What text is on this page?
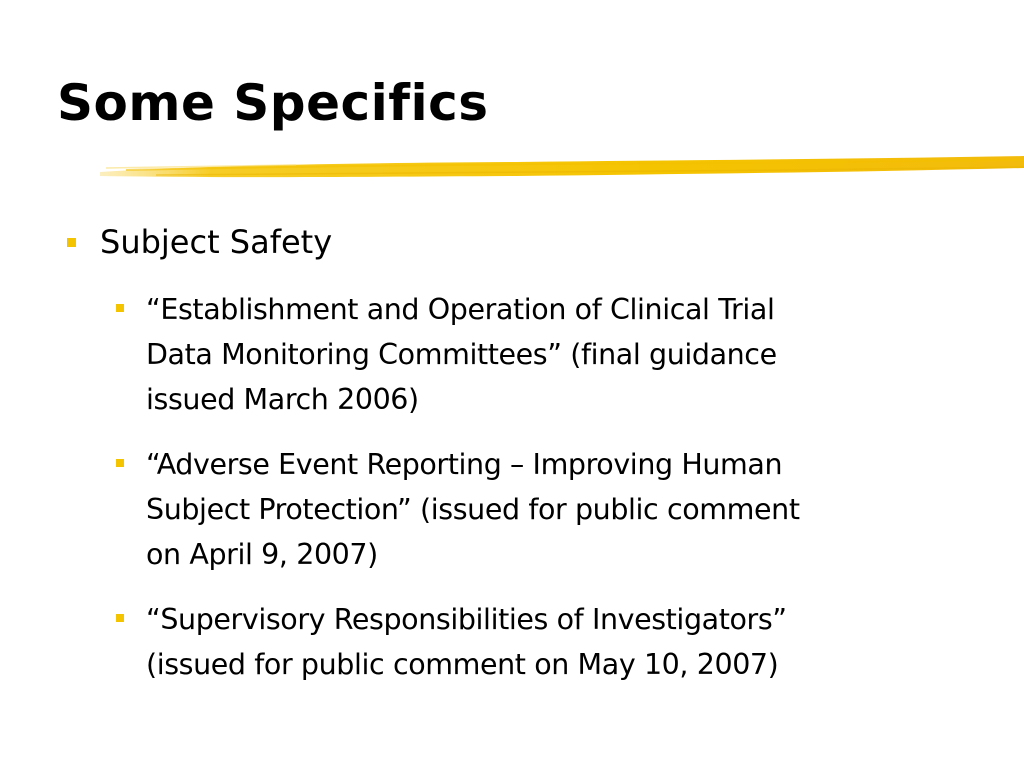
Some Specifics
Subject Safety
“Establishment and Operation of Clinical Trial
Data Monitoring Committees” (final guidance
issued March 2006)
“Adverse Event Reporting – Improving Human
Subject Protection” (issued for public comment
on April 9, 2007)
“Supervisory Responsibilities of Investigators”
(issued for public comment on May 10, 2007)
